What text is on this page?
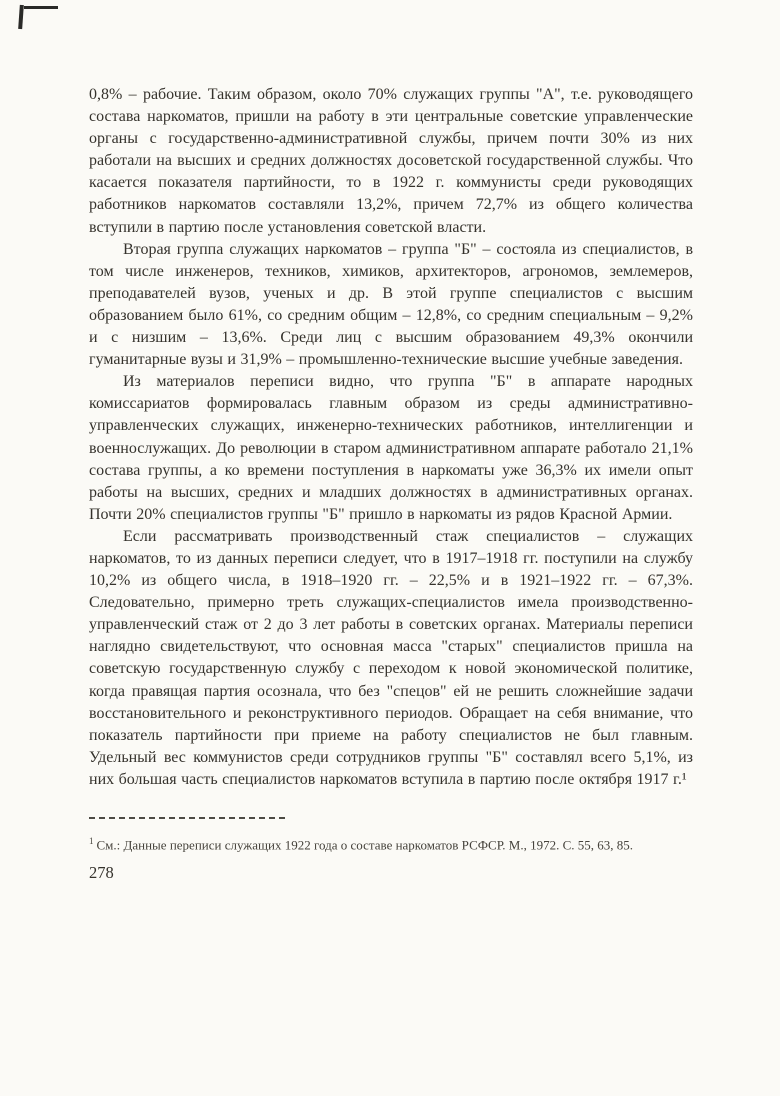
0,8% – рабочие. Таким образом, около 70% служащих группы "А", т.е. руководящего состава наркоматов, пришли на работу в эти центральные советские управленческие органы с государственно-административной службы, причем почти 30% из них работали на высших и средних должностях досоветской государственной службы. Что касается показателя партийности, то в 1922 г. коммунисты среди руководящих работников наркоматов составляли 13,2%, причем 72,7% из общего количества вступили в партию после установления советской власти.

Вторая группа служащих наркоматов – группа "Б" – состояла из специалистов, в том числе инженеров, техников, химиков, архитекторов, агрономов, землемеров, преподавателей вузов, ученых и др. В этой группе специалистов с высшим образованием было 61%, со средним общим – 12,8%, со средним специальным – 9,2% и с низшим – 13,6%. Среди лиц с высшим образованием 49,3% окончили гуманитарные вузы и 31,9% – промышленно-технические высшие учебные заведения.

Из материалов переписи видно, что группа "Б" в аппарате народных комиссариатов формировалась главным образом из среды административно-управленческих служащих, инженерно-технических работников, интеллигенции и военнослужащих. До революции в старом административном аппарате работало 21,1% состава группы, а ко времени поступления в наркоматы уже 36,3% их имели опыт работы на высших, средних и младших должностях в административных органах. Почти 20% специалистов группы "Б" пришло в наркоматы из рядов Красной Армии.

Если рассматривать производственный стаж специалистов – служащих наркоматов, то из данных переписи следует, что в 1917–1918 гг. поступили на службу 10,2% из общего числа, в 1918–1920 гг. – 22,5% и в 1921–1922 гг. – 67,3%. Следовательно, примерно треть служащих-специалистов имела производственно-управленческий стаж от 2 до 3 лет работы в советских органах. Материалы переписи наглядно свидетельствуют, что основная масса "старых" специалистов пришла на советскую государственную службу с переходом к новой экономической политике, когда правящая партия осознала, что без "спецов" ей не решить сложнейшие задачи восстановительного и реконструктивного периодов. Обращает на себя внимание, что показатель партийности при приеме на работу специалистов не был главным. Удельный вес коммунистов среди сотрудников группы "Б" составлял всего 5,1%, из них большая часть специалистов наркоматов вступила в партию после октября 1917 г.¹

$^1$ См.: Данные переписи служащих 1922 года о составе наркоматов РСФСР. М., 1972. С. 55, 63, 85.

278
